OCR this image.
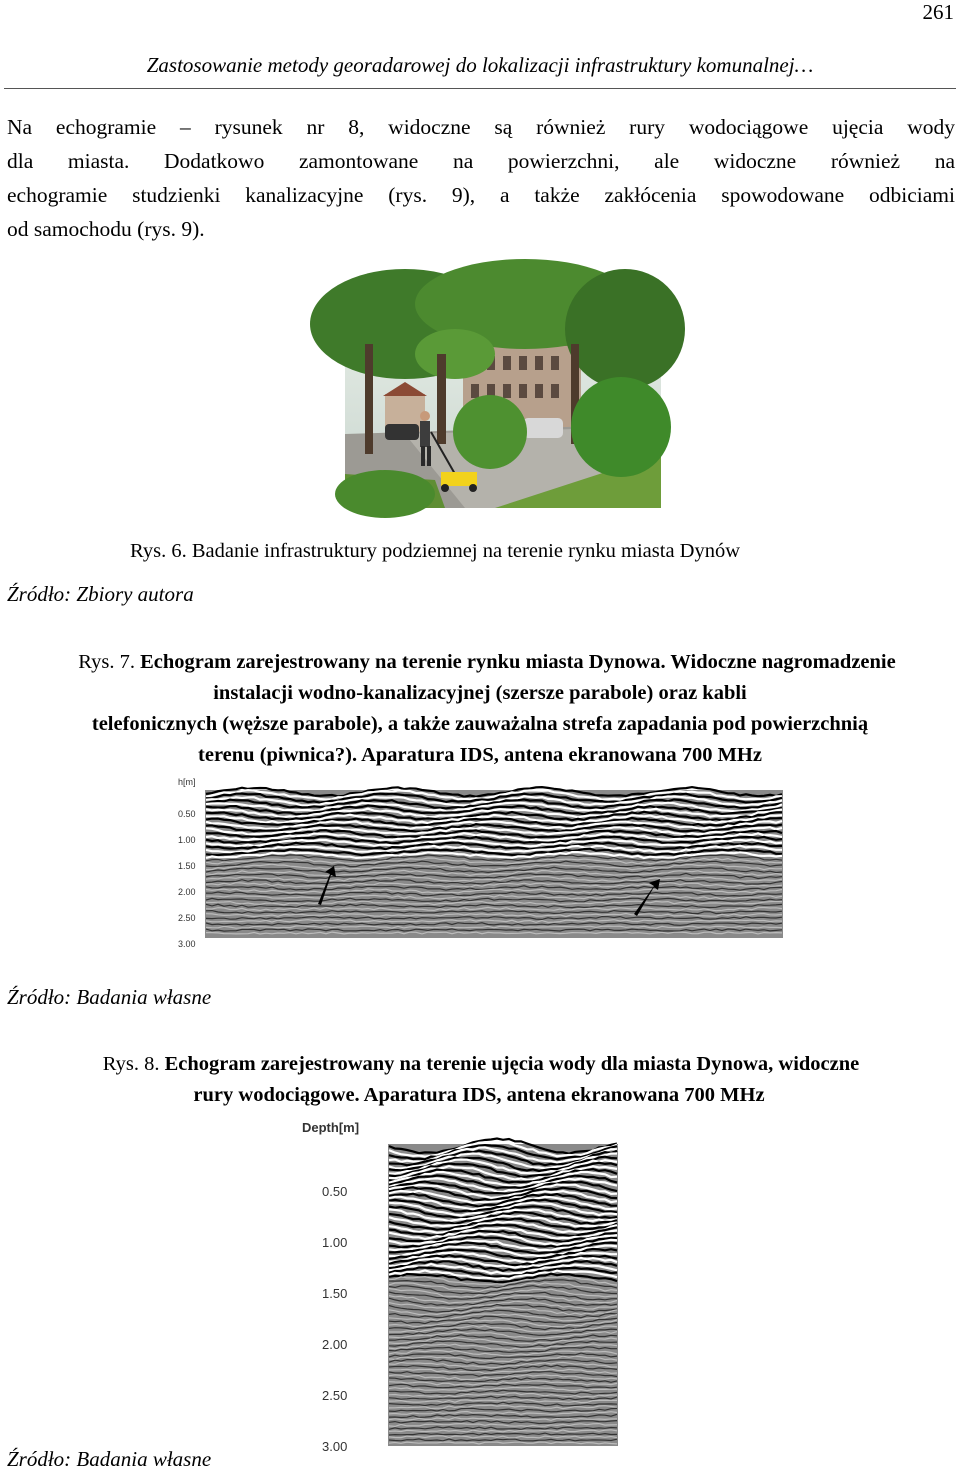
261
Zastosowanie metody georadarowej do lokalizacji infrastruktury komunalnej…
Na echogramie – rysunek nr 8, widoczne są również rury wodociągowe ujęcia wody
dla miasta. Dodatkowo zamontowane na powierzchni, ale widoczne również na
echogramie studzienki kanalizacyjne (rys. 9), a także zakłócenia spowodowane odbiciami
od samochodu (rys. 9).
Rys. 6. Badanie infrastruktury podziemnej na terenie rynku miasta Dynów
Źródło: Zbiory autora
Rys. 7. Echogram zarejestrowany na terenie rynku miasta Dynowa. Widoczne nagromadzenie
instalacji wodno-kanalizacyjnej (szersze parabole) oraz kabli
telefonicznych (węższe parabole), a także zauważalna strefa zapadania pod powierzchnią
terenu (piwnica?). Aparatura IDS, antena ekranowana 700 MHz
h[m]
0.50
1.00
1.50
2.00
2.50
3.00
Źródło: Badania własne
Rys. 8. Echogram zarejestrowany na terenie ujęcia wody dla miasta Dynowa, widoczne
rury wodociągowe. Aparatura IDS, antena ekranowana 700 MHz
Depth[m]
0.50
1.00
1.50
2.00
2.50
3.00
Źródło: Badania własne
